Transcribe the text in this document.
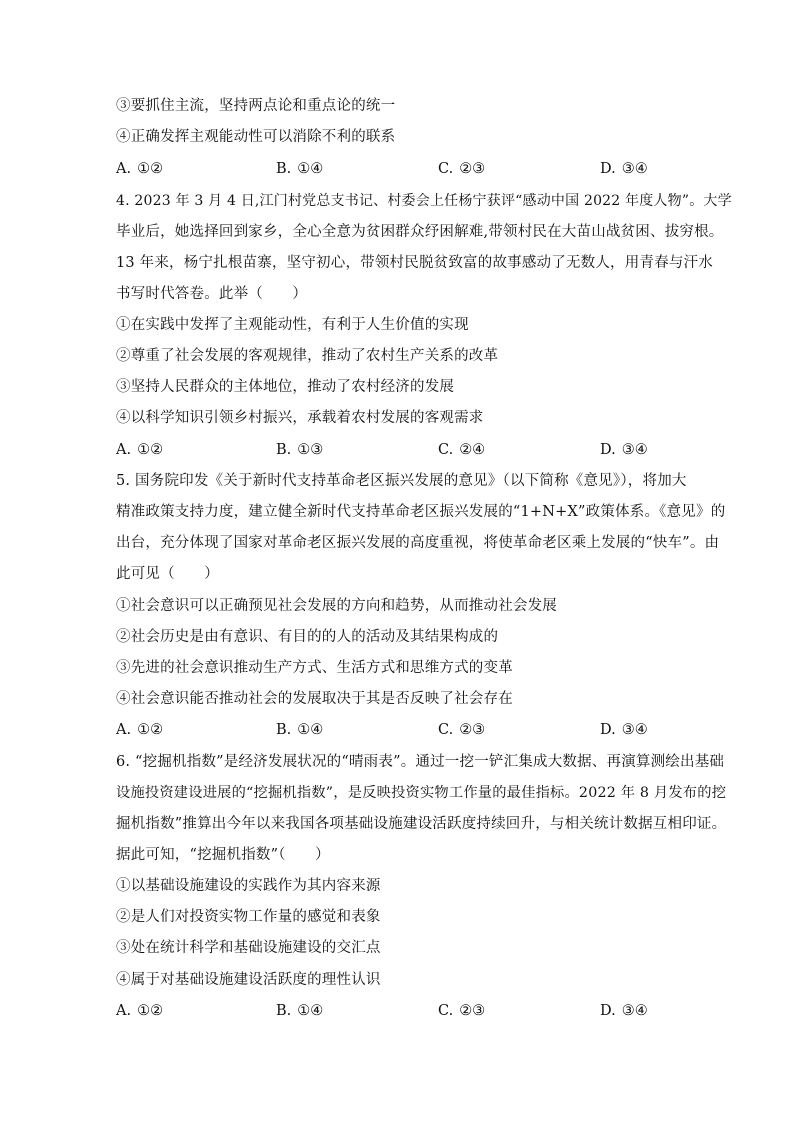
③要抓住主流，坚持两点论和重点论的统一
④正确发挥主观能动性可以消除不利的联系
A. ①②	B. ①④	C. ②③	D. ③④
4. 2023 年 3 月 4 日,江门村党总支书记、村委会上任杨宁获评“感动中国 2022 年度人物”。大学
毕业后，她选择回到家乡，全心全意为贫困群众纾困解难,带领村民在大苗山战贫困、拔穷根。
13 年来，杨宁扎根苗寨，坚守初心，带领村民脱贫致富的故事感动了无数人，用青春与汗水
书写时代答卷。此举（　　）
①在实践中发挥了主观能动性，有利于人生价值的实现
②尊重了社会发展的客观规律，推动了农村生产关系的改革
③坚持人民群众的主体地位，推动了农村经济的发展
④以科学知识引领乡村振兴，承载着农村发展的客观需求
A. ①②	B. ①③	C. ②④	D. ③④
5. 国务院印发《关于新时代支持革命老区振兴发展的意见》（以下简称《意见》），将加大
精准政策支持力度，建立健全新时代支持革命老区振兴发展的“1+N+X”政策体系。《意见》的
出台，充分体现了国家对革命老区振兴发展的高度重视，将使革命老区乘上发展的“快车”。由
此可见（　　）
①社会意识可以正确预见社会发展的方向和趋势，从而推动社会发展
②社会历史是由有意识、有目的的人的活动及其结果构成的
③先进的社会意识推动生产方式、生活方式和思维方式的变革
④社会意识能否推动社会的发展取决于其是否反映了社会存在
A. ①②	B. ①④	C. ②③	D. ③④
6. “挖掘机指数”是经济发展状况的“晴雨表”。通过一挖一铲汇集成大数据、再演算测绘出基础
设施投资建设进展的“挖掘机指数”，是反映投资实物工作量的最佳指标。2022 年 8 月发布的挖
掘机指数”推算出今年以来我国各项基础设施建设活跃度持续回升，与相关统计数据互相印证。
据此可知，“挖掘机指数”（　　）
①以基础设施建设的实践作为其内容来源
②是人们对投资实物工作量的感觉和表象
③处在统计科学和基础设施建设的交汇点
④属于对基础设施建设活跃度的理性认识
A. ①②	B. ①④	C. ②③	D. ③④
